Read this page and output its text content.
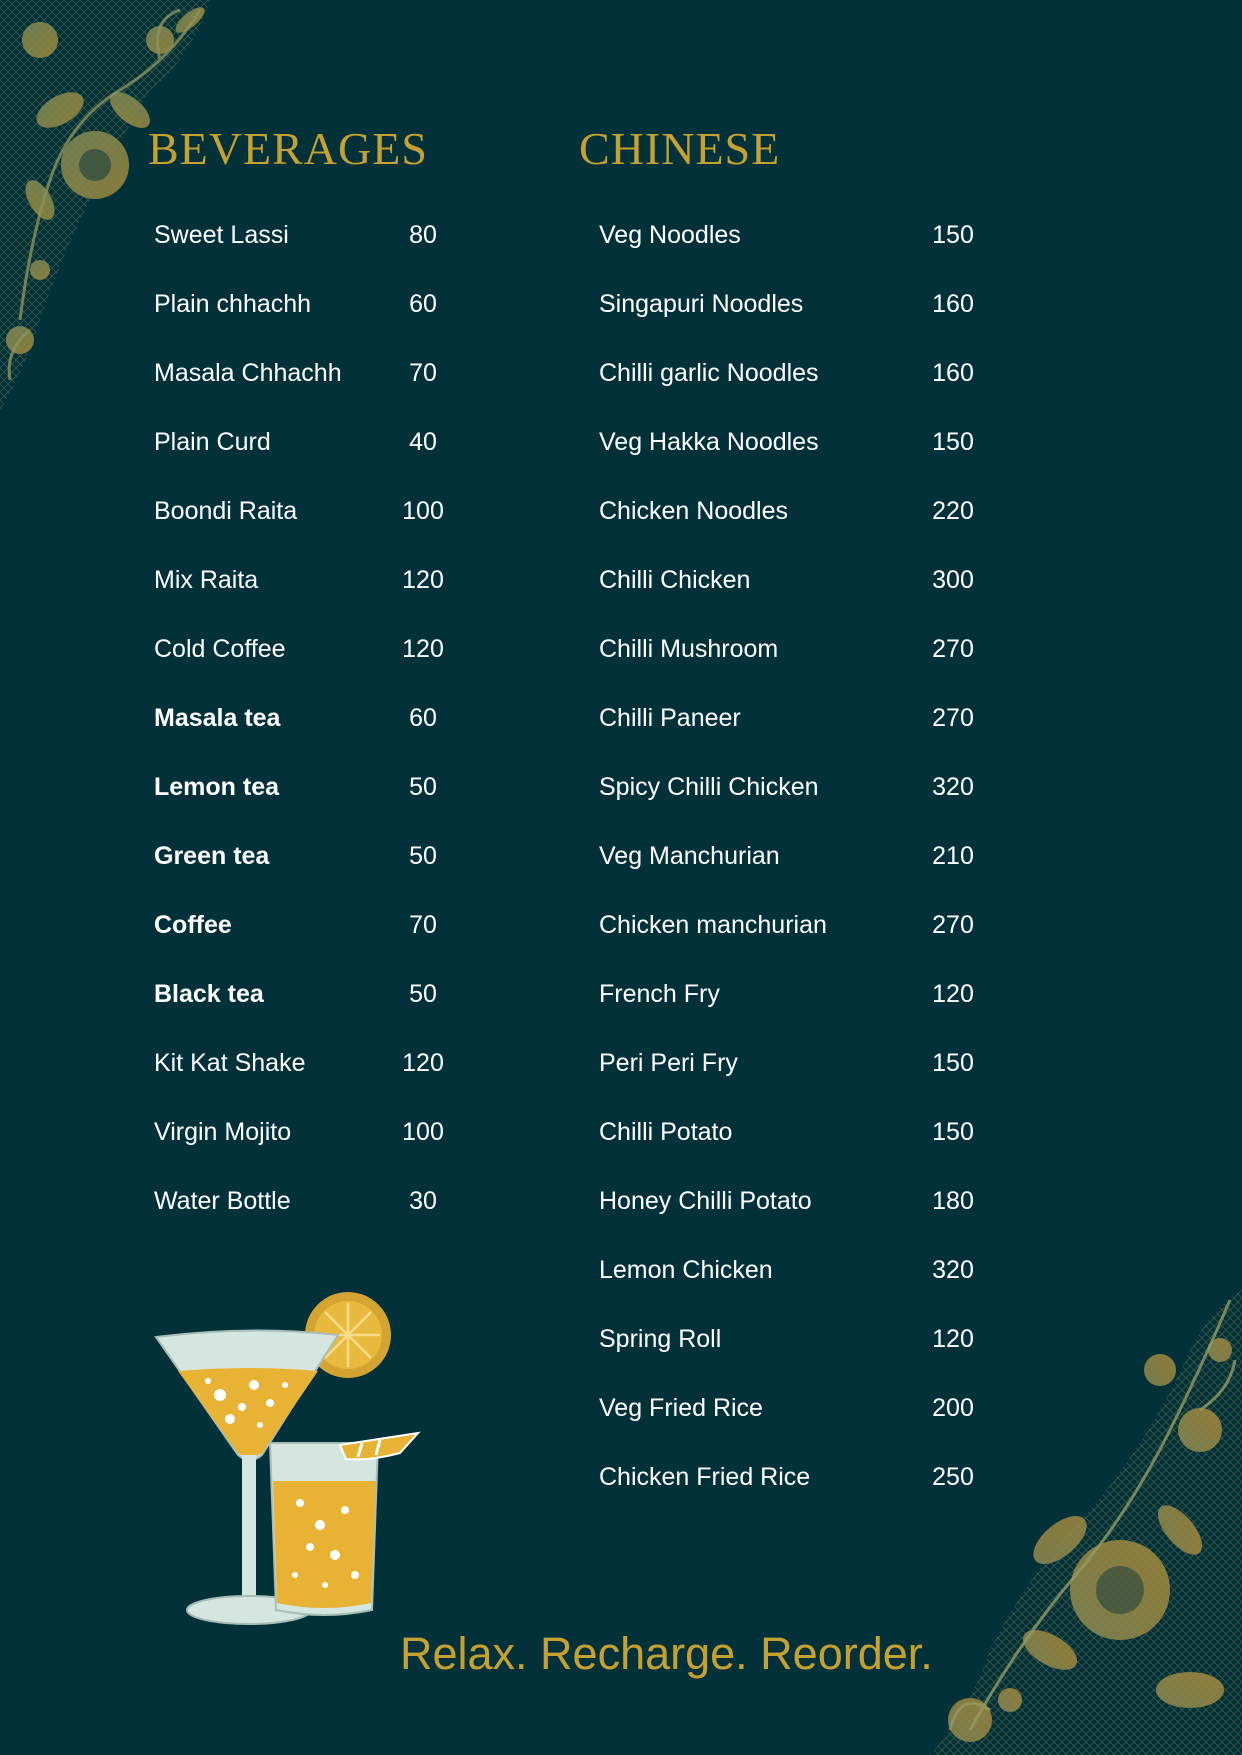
BEVERAGES	CHINESE
Sweet Lassi	80
Plain chhachh	60
Masala Chhachh	70
Plain Curd	40
Boondi Raita	100
Mix Raita	120
Cold Coffee	120
Masala tea	60
Lemon tea	50
Green tea	50
Coffee	70
Black tea	50
Kit Kat Shake	120
Virgin Mojito	100
Water Bottle	30
Veg Noodles	150
Singapuri Noodles	160
Chilli garlic Noodles	160
Veg Hakka Noodles	150
Chicken Noodles	220
Chilli Chicken	300
Chilli Mushroom	270
Chilli Paneer	270
Spicy Chilli Chicken	320
Veg Manchurian	210
Chicken manchurian	270
French Fry	120
Peri Peri Fry	150
Chilli Potato	150
Honey Chilli Potato	180
Lemon Chicken	320
Spring Roll	120
Veg Fried Rice	200
Chicken Fried Rice	250

Relax. Recharge. Reorder.
